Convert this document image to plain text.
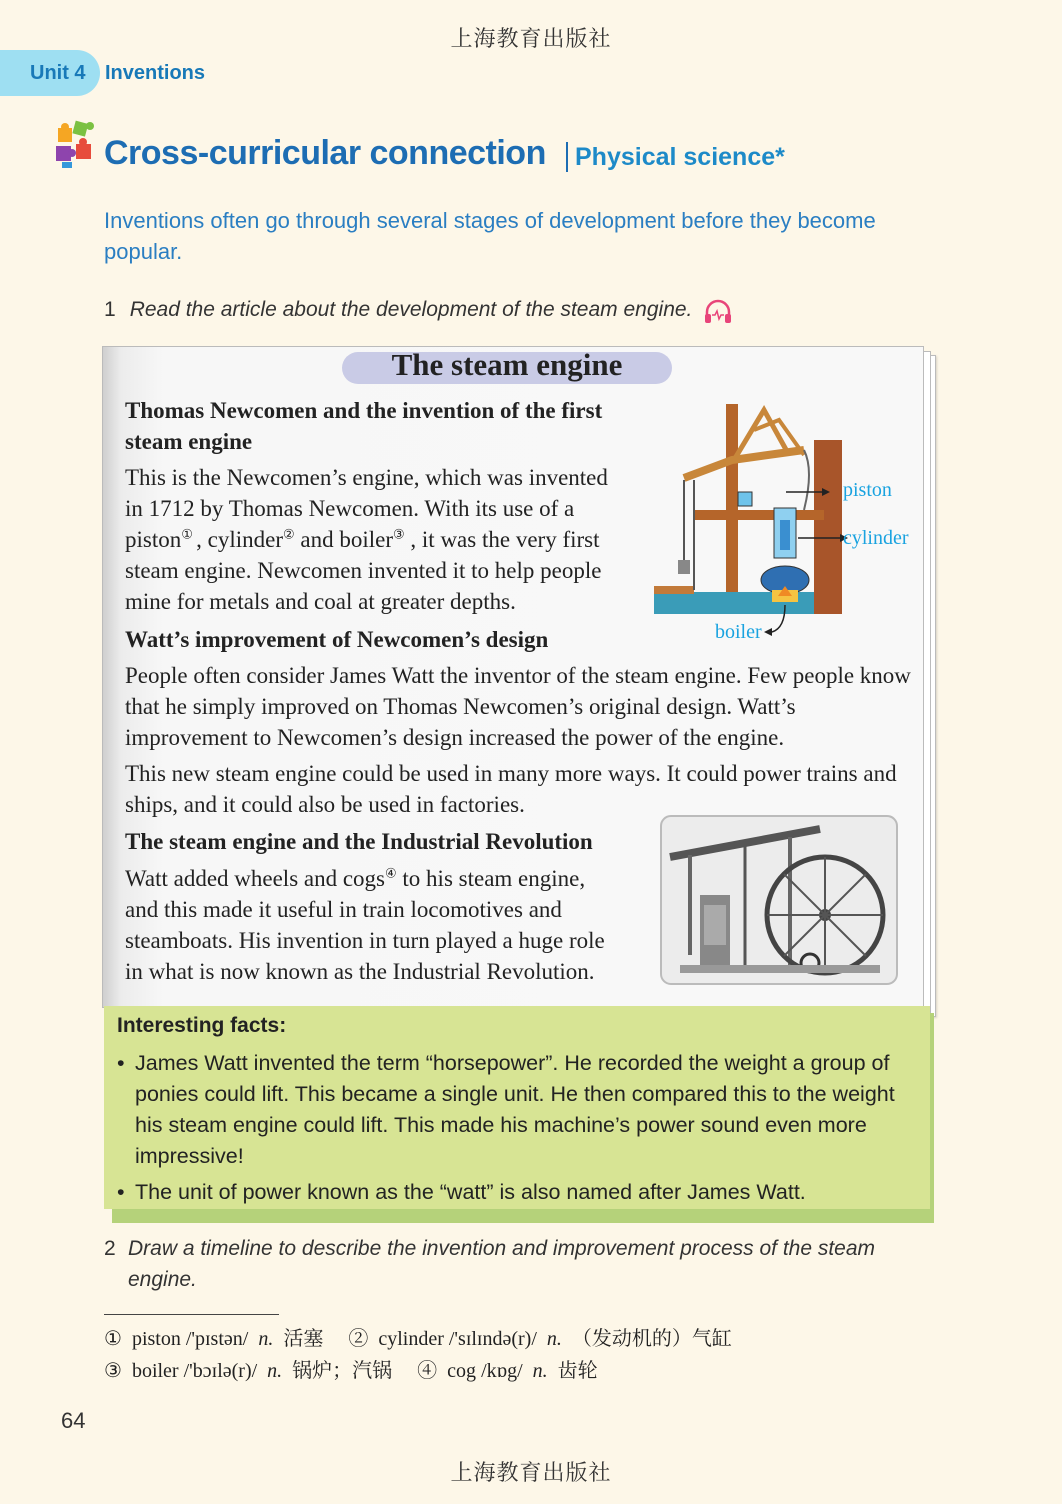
上海教育出版社
Unit 4 Inventions
Cross-curricular connection Physical science*
Inventions often go through several stages of development before they become popular.
1 Read the article about the development of the steam engine.
The steam engine
Thomas Newcomen and the invention of the first steam engine
This is the Newcomen’s engine, which was invented
in 1712 by Thomas Newcomen. With its use of a
piston① , cylinder② and boiler③ , it was the very first
steam engine. Newcomen invented it to help people
mine for metals and coal at greater depths.
piston
cylinder
boiler
Watt’s improvement of Newcomen’s design
People often consider James Watt the inventor of the steam engine. Few people know that he simply improved on Thomas Newcomen’s original design. Watt’s improvement to Newcomen’s design increased the power of the engine.
This new steam engine could be used in many more ways. It could power trains and ships, and it could also be used in factories.
The steam engine and the Industrial Revolution
Watt added wheels and cogs④ to his steam engine,
and this made it useful in train locomotives and
steamboats. His invention in turn played a huge role
in what is now known as the Industrial Revolution.
Interesting facts:
• James Watt invented the term “horsepower”. He recorded the weight a group of ponies could lift. This became a single unit. He then compared this to the weight his steam engine could lift. This made his machine’s power sound even more impressive!
• The unit of power known as the “watt” is also named after James Watt.
2 Draw a timeline to describe the invention and improvement process of the steam engine.
① piston /'pɪstən/ n. 活塞 ② cylinder /'sɪlɪndə(r)/ n. （发动机的）气缸
③ boiler /'bɔɪlə(r)/ n. 锅炉；汽锅 ④ cog /kɒg/ n. 齿轮
64
上海教育出版社
